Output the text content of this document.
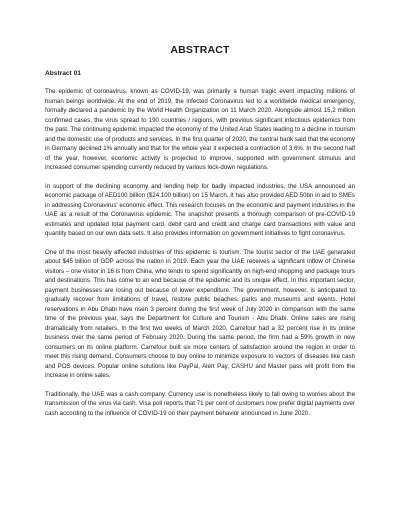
ABSTRACT
Abstract 01

The epidemic of coronavirus, known as COVID-19, was primarily a human tragic event impacting millions of human beings worldwide. At the end of 2019, the infected Coronavirus led to a worldwide medical emergency, formally declared a pandemic by the World Health Organization on 11 March 2020. Alongside almost 15,2 million confirmed cases, the virus spread to 190 countries / regions, with previous significant infectious epidemics from the past. The continuing epidemic impacted the economy of the United Arab States leading to a decline in tourism and the domestic use of products and services. In the first quarter of 2020, the central bank said that the economy in Germany declined 1% annually and that for the whole year it expected a contraction of 3.6%. In the second half of the year, however, economic activity is projected to improve, supported with government stimulus and increased consumer spending currently reduced by various lock-down regulations.

In support of the declining economy and lending help for badly impacted industries, the USA announced an economic package of AED100 billion ($24.100 billion) on 15 March. It has also provided AED 50bn in aid to SMEs in addressing Coronavirus' economic effect. This research focuses on the economic and payment industries in the UAE as a result of the Coronavirus epidemic. The snapshot presents a thorough comparison of pre-COVID-19 estimates and updated total payment card, debit card and credit and charge card transactions with value and quantity based on our own data sets. It also provides information on government initiatives to fight coronavirus.

One of the most heavily affected industries of this epidemic is tourism. The tourist sector of the UAE generated about $45 billion of GDP across the nation in 2019. Each year the UAE receives a significant inflow of Chinese visitors – one visitor in 16 is from China, who tends to spend significantly on high-end shopping and package tours and destinations. This has come to an end because of the epidemic and its unique effect. In this important sector, payment businesses are losing out because of lower expenditure. The government, however, is anticipated to gradually recover from limitations of travel, restore public beaches, parks and museums and events. Hotel reservations in Abu Dhabi have risen 3 percent during the first week of July 2020 in comparison with the same time of the previous year, says the Department for Culture and Tourism - Abu Dhabi. Online sales are rising dramatically from retailers. In the first two weeks of March 2020, Carrefour had a 32 percent rise in its online business over the same period of February 2020. During the same period, the firm had a 59% growth in new consumers on its online platform. Carrefour built six more centers of satisfaction around the region in order to meet this rising demand. Consumers choose to buy online to minimize exposure to vectors of diseases like cash and POS devices. Popular online solutions like PayPal, Alert Pay, CASHU and Master pass will profit from the increase in online sales.

Traditionally, the UAE was a cash company. Currency use is nonetheless likely to fall owing to worries about the transmission of the virus via cash. Visa poll reports that 71 per cent of customers now prefer digital payments over cash according to the influence of COVID-19 on their payment behavior announced in June 2020.
